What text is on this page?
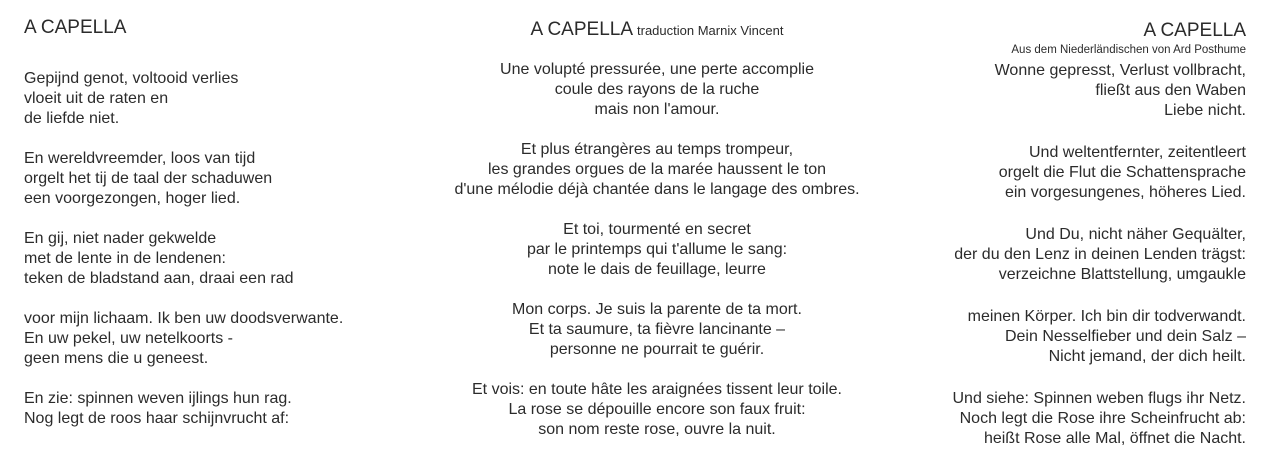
A CAPELLA

Gepijnd genot, voltooid verlies
vloeit uit de raten en
de liefde niet.

En wereldvreemder, loos van tijd
orgelt het tij de taal der schaduwen
een voorgezongen, hoger lied.

En gij, niet nader gekwelde
met de lente in de lendenen:
teken de bladstand aan, draai een rad

voor mijn lichaam. Ik ben uw doodsverwante.
En uw pekel, uw netelkoorts -
geen mens die u geneest.

En zie: spinnen weven ijlings hun rag.
Nog legt de roos haar schijnvrucht af:

A CAPELLA traduction Marnix Vincent

Une volupté pressurée, une perte accomplie
coule des rayons de la ruche
mais non l'amour.

Et plus étrangères au temps trompeur,
les grandes orgues de la marée haussent le ton
d'une mélodie déjà chantée dans le langage des ombres.

Et toi, tourmenté en secret
par le printemps qui t'allume le sang:
note le dais de feuillage, leurre

Mon corps. Je suis la parente de ta mort.
Et ta saumure, ta fièvre lancinante –
personne ne pourrait te guérir.

Et vois: en toute hâte les araignées tissent leur toile.
La rose se dépouille encore son faux fruit:
son nom reste rose, ouvre la nuit.

A CAPELLA
Aus dem Niederländischen von Ard Posthume

Wonne gepresst, Verlust vollbracht,
fließt aus den Waben
Liebe nicht.

Und weltentfernter, zeitentleert
orgelt die Flut die Schattensprache
ein vorgesungenes, höheres Lied.

Und Du, nicht näher Gequälter,
der du den Lenz in deinen Lenden trägst:
verzeichne Blattstellung, umgaukle

meinen Körper. Ich bin dir todverwandt.
Dein Nesselfieber und dein Salz –
Nicht jemand, der dich heilt.

Und siehe: Spinnen weben flugs ihr Netz.
Noch legt die Rose ihre Scheinfrucht ab:
heißt Rose alle Mal, öffnet die Nacht.
